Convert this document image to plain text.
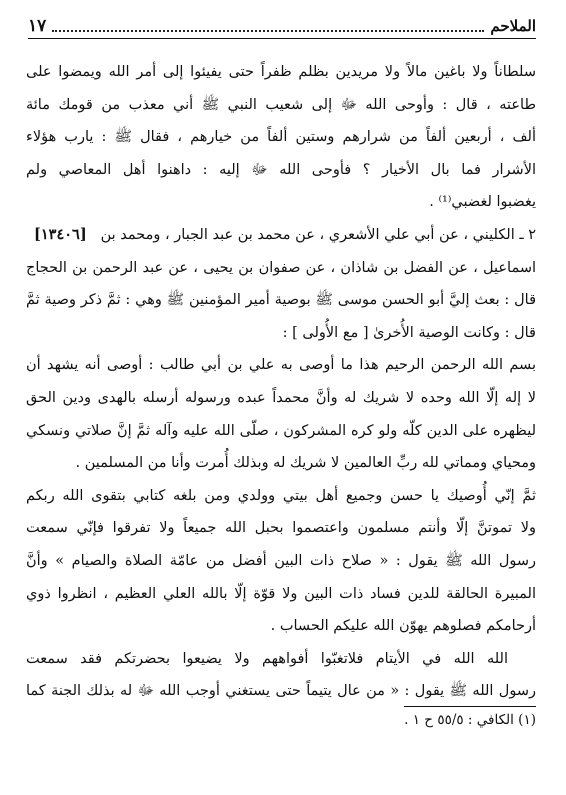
الملاحم
١٧
سلطاناً ولا باغين مالاً ولا مريدين بظلم ظفراً حتى يفيئوا إلى أمر الله ويمضوا على
طاعته ، قال : وأوحى الله ﷻ إلى شعيب النبي ﷺ أني معذب من قومك مائة
ألف ، أربعين ألفاً من شرارهم وستين ألفاً من خيارهم ، فقال ﷺ : يارب هؤلاء
الأشرار فما بال الأخيار ؟ فأوحى الله ﷻ إليه : داهنوا أهل المعاصي ولم
يغضبوا لغضبي⁽¹⁾ .
٢ ـ الكليني ، عن أبي علي الأشعري ، عن محمد بن عبد الجبار ، ومحمد بن
[١٣٤٠٦]
اسماعيل ، عن الفضل بن شاذان ، عن صفوان بن يحيى ، عن عبد الرحمن بن الحجاج
قال : بعث إليَّ أبو الحسن موسى ﷺ بوصية أمير المؤمنين ﷺ وهي : ثمَّ ذكر وصية ثمَّ
قال : وكانت الوصية الأُخرىٰ [ مع الأُولى ] :
بسم الله الرحمن الرحيم هذا ما أوصى به علي بن أبي طالب : أوصى أنه يشهد أن
لا إله إلّا الله وحده لا شريك له وأنَّ محمداً عبده ورسوله أرسله بالهدى ودين الحق
ليظهره على الدين كلّه ولو كره المشركون ، صلّى الله عليه وآله ثمَّ إنَّ صلاتي ونسكي
ومحياي ومماتي لله ربِّ العالمين لا شريك له وبذلك أُمرت وأنا من المسلمين .
ثمَّ إنّي أُوصيك يا حسن وجميع أهل بيتي وولدي ومن بلغه كتابي بتقوى الله ربكم
ولا تموتنَّ إلّا وأنتم مسلمون واعتصموا بحبل الله جميعاً ولا تفرقوا فإنّي سمعت
رسول الله ﷺ يقول : « صلاح ذات البين أفضل من عامّة الصلاة والصيام » وأنَّ
المبيرة الحالقة للدين فساد ذات البين ولا قوّة إلّا بالله العلي العظيم ، انظروا ذوي
أرحامكم فصلوهم يهوّن الله عليكم الحساب .
الله الله في الأيتام فلاتغبّوا أفواههم ولا يضيعوا بحضرتكم فقد سمعت
رسول الله ﷺ يقول : « من عال يتيماً حتى يستغني أوجب الله ﷻ له بذلك الجنة كما
(١) الكافي : ٥٥/٥ ح ١ .
